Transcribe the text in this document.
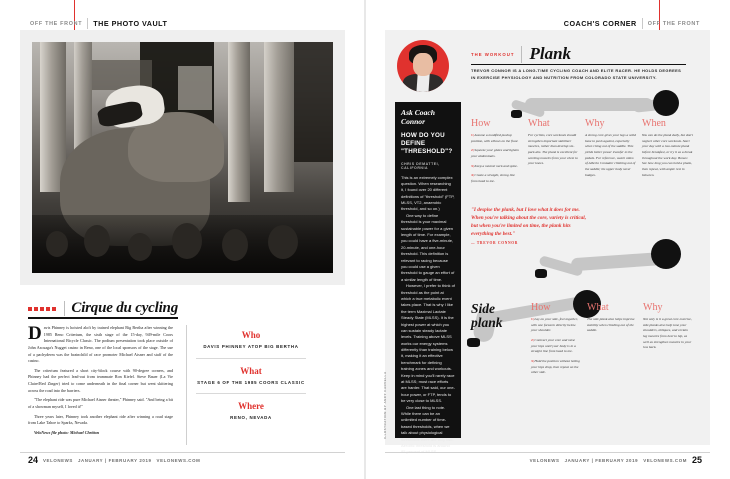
OFF THE FRONT THE PHOTO VAULT
Cirque du cycling

Davis Phinney is hoisted aloft by trained elephant Big Bertha after winning the 1985 Reno Criterium, the sixth stage of the 15-day, 949-mile Coors International Bicycle Classic. The podium presentation took place outside of John Ascuaga's Nugget casino in Reno, one of the local sponsors of the stage. The use of a pachyderm was the brainchild of race promoter Michael Aisner and staff of the casino.

The criterium featured a short city-block course with 90-degree corners, and Phinney had the perfect lead-out from teammate Ron Kiefel. Steve Bauer (La Vie Claire/Red Zinger) tried to come underneath in the final corner but went skittering across the road into the barriers.

"The elephant ride was pure Michael Aisner theater," Phinney said. "And being a bit of a showman myself, I loved it!"

Three years later, Phinney took another elephant ride after winning a road stage from Lake Tahoe to Sparks, Nevada.

VeloNews file photo: Michael Chritton

Who

DAVIS PHINNEY ATOP BIG BERTHA

What

STAGE 6 OF THE 1985 COORS CLASSIC

Where

RENO, NEVADA

24 VELONEWS JANUARY | FEBRUARY 2019 VELONEWS.COM
COACH'S CORNER OFF THE FRONT
THE WORKOUT Plank
TREVOR CONNOR IS A LONG-TIME CYCLING COACH AND ELITE RACER. HE HOLDS DEGREES IN EXERCISE PHYSIOLOGY AND NUTRITION FROM COLORADO STATE UNIVERSITY.
Ask Coach Connor
HOW DO YOU DEFINE "THRESHOLD"?

CHRIS DEMATTEI, CALIFORNIA

This is an extremely complex question. When researching it, I found over 20 different definitions of "threshold" (FTP, MLSS, VT2, anaerobic threshold, and so on.)

One way to define threshold is your maximal sustainable power for a given length of time. For example, you could have a five-minute, 20-minute, and one-hour threshold. This definition is relevant to racing because you could use a given threshold to gauge an effort of a similar length of time.

However, I prefer to think of threshold as the point at which a true metabolic event takes place. That is why I like the term Maximal Lactate Steady State (MLSS). It is the highest power at which you can sustain steady lactate levels. Training above MLSS works our energy systems differently than training below it, making it an effective benchmark for defining training zones and workouts. Keep in mind you'll rarely race at MLSS; most race efforts are harder. That said, our one-hour power, or FTP, tends to be very close to MLSS.

One last thing to note. While there can be an unlimited number of time-based thresholds, when we talk about physiological thresholds there are only two. Aerobic threshold is around

ILLUSTRATION BY ANDY CARVELLA
How

1| Assume a modified pushup position, with elbows on the floor.

2| Squeeze your glutes and tighten your abdominals.

3| Keep a neutral neck and spine.

4| Create a straight, strong line from head to toe.

What

For cyclists, core workouts should strengthen important stabilizer muscles, rather than develop six-pack abs. The plank is excellent for working muscles from your chest to your knees.

Why

A strong core gives your legs a solid base to push against, especially when rising out of the saddle. This yields better power transfer to the pedals. For reference, watch video of Alberto Contador climbing out of the saddle; his upper body never budges.

When

You can do the plank daily, but don't neglect other core workouts. Start your day with a two-minute plank before breakfast, or try it as a break throughout the work day. Bonus: See how long you can hold a plank, then repeat, with ample rest in between.

"I despise the plank, but I love what it does for me. When you're talking about the core, variety is critical, but when you're limited on time, the plank hits everything the best."
— TREVOR CONNOR
Side plank
How

1| Lay on your side, feet together, with one forearm directly below your shoulder.

2| Contract your core and raise your hips until your body is in a straight line from head to toe.

3| Hold the position without letting your hips drop, then repeat on the other side.

What

The side plank also helps improve stability when climbing out of the saddle.

Why

Not only is it a great core exercise, side planks also help tone your shoulders, obliques, and certain leg muscles from heel to hip, as well as strengthen muscles in your low back.

VELONEWS JANUARY | FEBRUARY 2019 VELONEWS.COM 25
